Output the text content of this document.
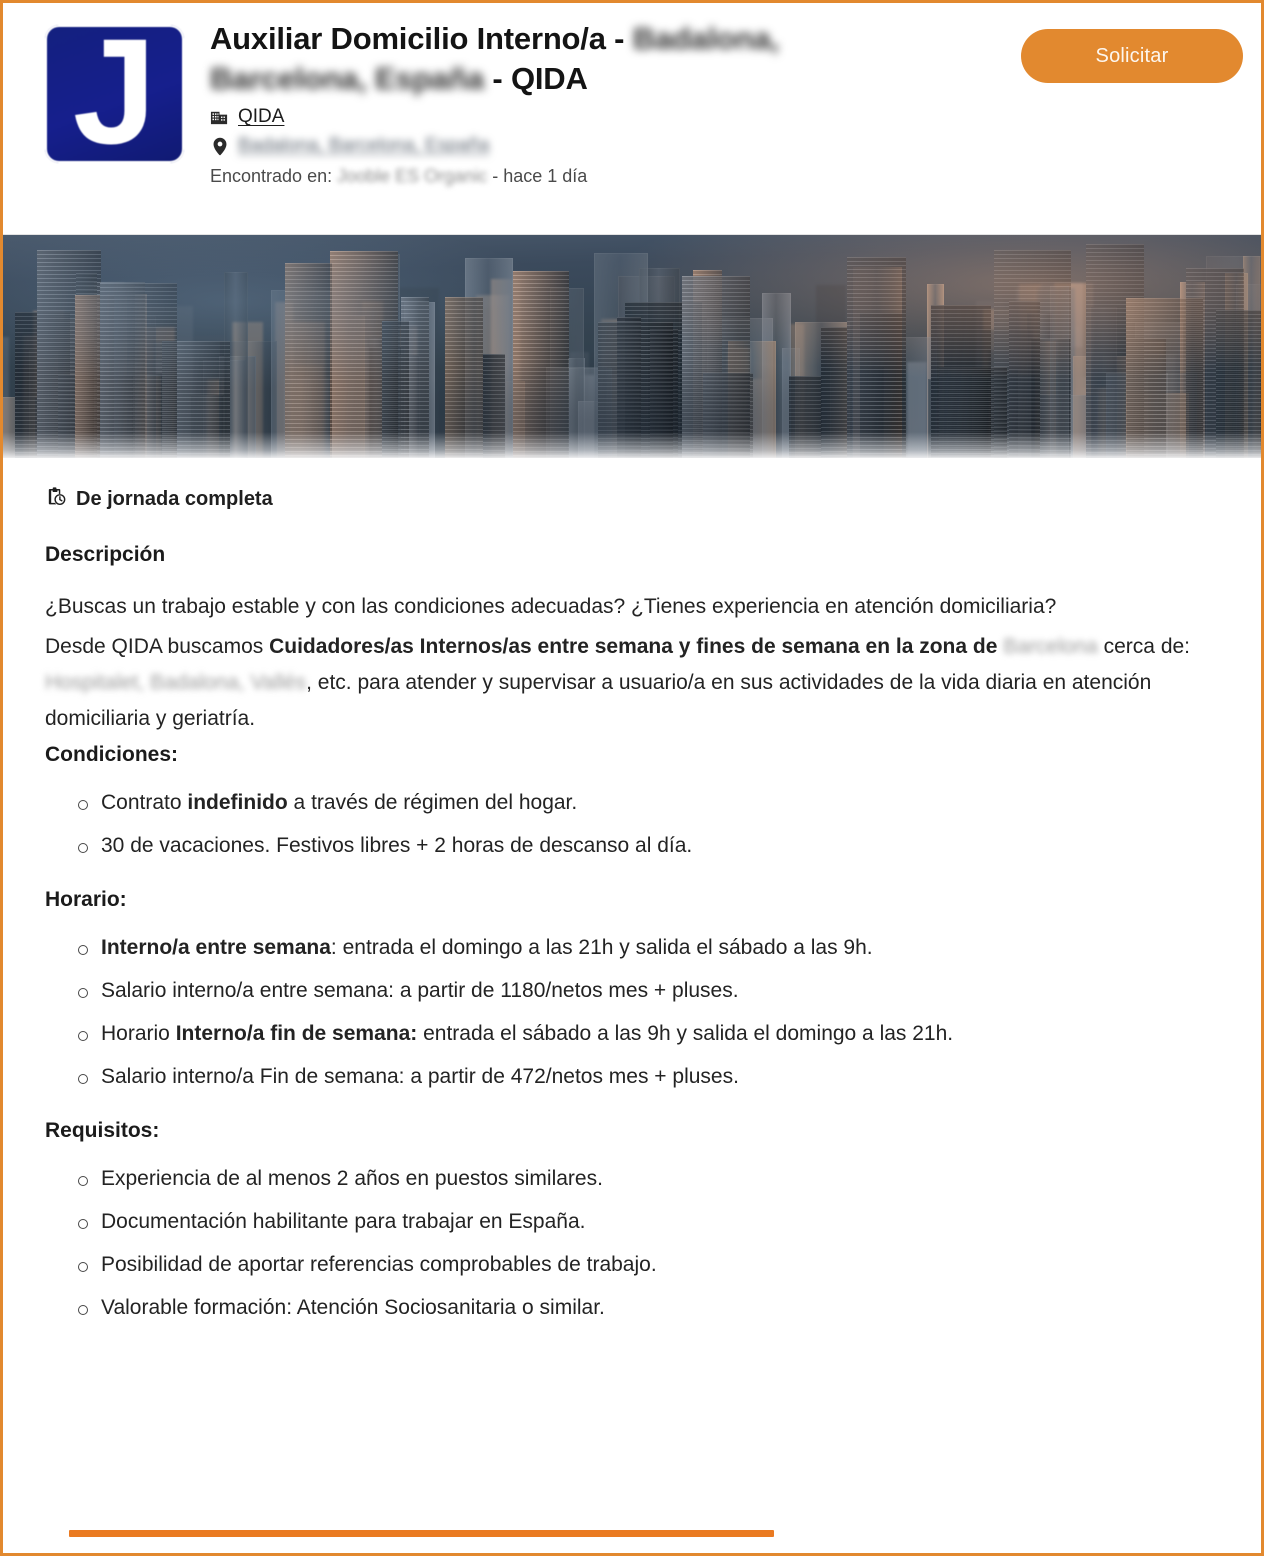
J Auxiliar Domicilio Interno/a - Badalona, Barcelona, España - QIDA
QIDA
Badalona, Barcelona, España
Encontrado en: Jooble ES Organic - hace 1 día
Solicitar
De jornada completa
Descripción

¿Buscas un trabajo estable y con las condiciones adecuadas? ¿Tienes experiencia en atención domiciliaria?

Desde QIDA buscamos Cuidadores/as Internos/as entre semana y fines de semana en la zona de Barcelona cerca de: Hospitalet, Badalona, Vallés, etc. para atender y supervisar a usuario/a en sus actividades de la vida diaria en atención domiciliaria y geriatría.

Condiciones:
Contrato indefinido a través de régimen del hogar.
30 de vacaciones. Festivos libres + 2 horas de descanso al día.
Horario:
Interno/a entre semana: entrada el domingo a las 21h y salida el sábado a las 9h.
Salario interno/a entre semana: a partir de 1180/netos mes + pluses.
Horario Interno/a fin de semana: entrada el sábado a las 9h y salida el domingo a las 21h.
Salario interno/a Fin de semana: a partir de 472/netos mes + pluses.
Requisitos:
Experiencia de al menos 2 años en puestos similares.
Documentación habilitante para trabajar en España.
Posibilidad de aportar referencias comprobables de trabajo.
Valorable formación: Atención Sociosanitaria o similar.
